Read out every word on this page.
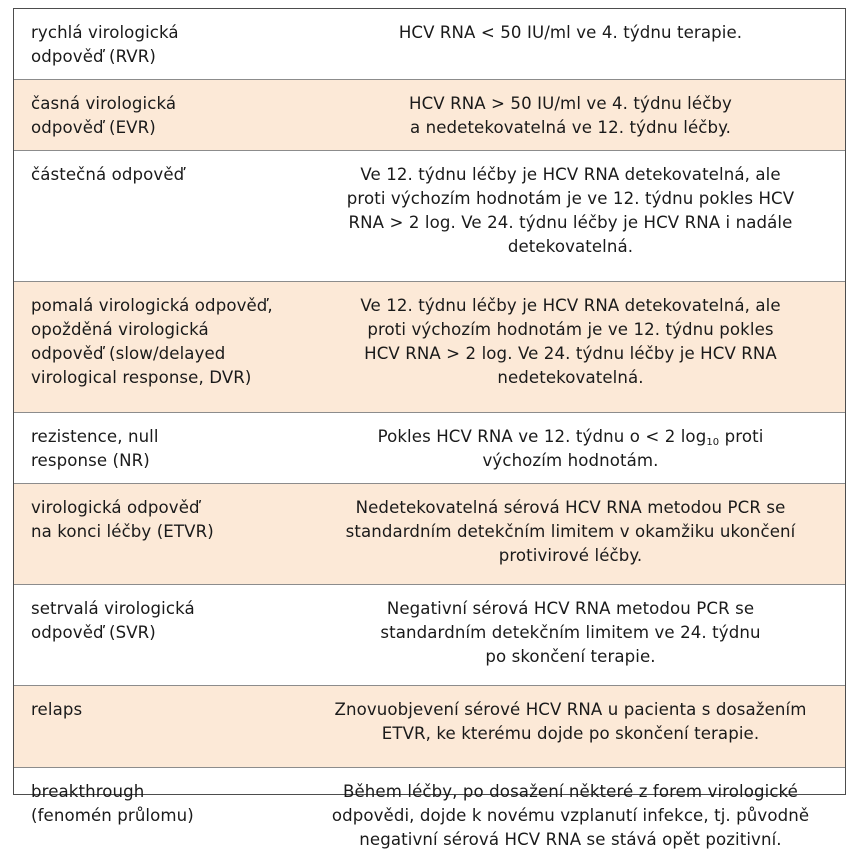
rychlá virologická
odpověď (RVR)	HCV RNA < 50 IU/ml ve 4. týdnu terapie.

časná virologická
odpověď (EVR)	HCV RNA > 50 IU/ml ve 4. týdnu léčby
a nedetekovatelná ve 12. týdnu léčby.

částečná odpověď	Ve 12. týdnu léčby je HCV RNA detekovatelná, ale
proti výchozím hodnotám je ve 12. týdnu pokles HCV
RNA > 2 log. Ve 24. týdnu léčby je HCV RNA i nadále
detekovatelná.

pomalá virologická odpověď,
opožděná virologická
odpověď (slow/delayed
virological response, DVR)	Ve 12. týdnu léčby je HCV RNA detekovatelná, ale
proti výchozím hodnotám je ve 12. týdnu pokles
HCV RNA > 2 log. Ve 24. týdnu léčby je HCV RNA
nedetekovatelná.

rezistence, null
response (NR)	Pokles HCV RNA ve 12. týdnu o < 2 $\log_{10}$ proti
výchozím hodnotám.

virologická odpověď
na konci léčby (ETVR)	Nedetekovatelná sérová HCV RNA metodou PCR se
standardním detekčním limitem v okamžiku ukončení
protivirové léčby.

setrvalá virologická
odpověď (SVR)	Negativní sérová HCV RNA metodou PCR se
standardním detekčním limitem ve 24. týdnu
po skončení terapie.

relaps	Znovuobjevení sérové HCV RNA u pacienta s dosažením
ETVR, ke kterému dojde po skončení terapie.

breakthrough
(fenomén průlomu)	Během léčby, po dosažení některé z forem virologické
odpovědi, dojde k novému vzplanutí infekce, tj. původně
negativní sérová HCV RNA se stává opět pozitivní.
